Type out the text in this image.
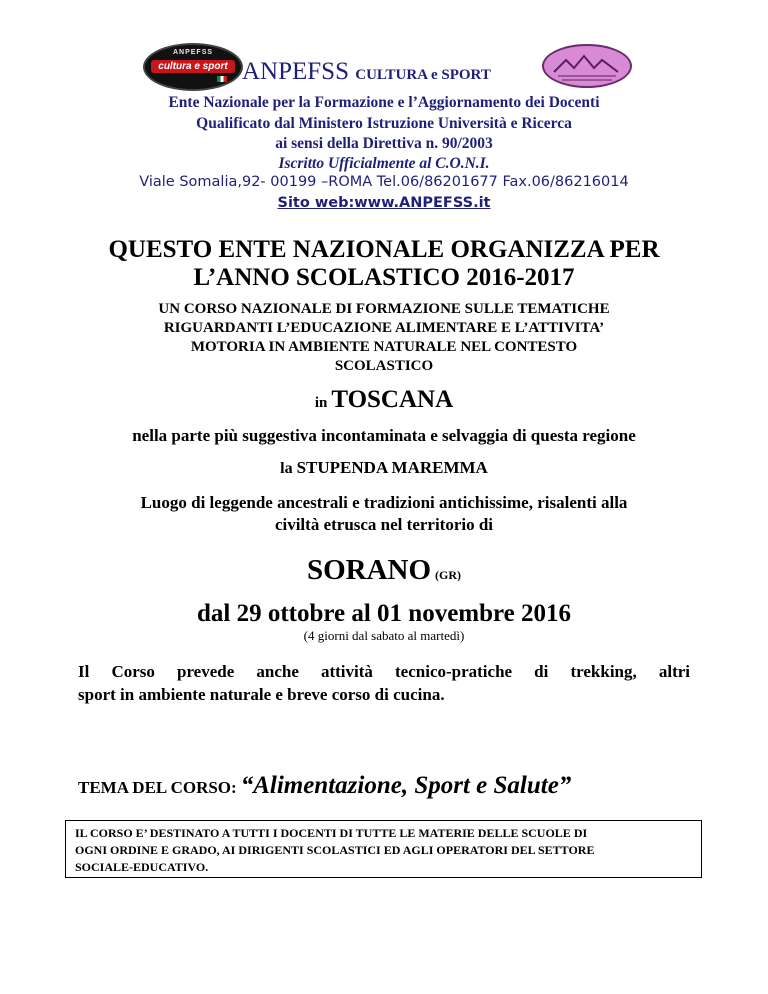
ANPEFSS
cultura e sport ANPEFSS CULTURA e SPORT
Ente Nazionale per la Formazione e l’Aggiornamento dei Docenti
Qualificato dal Ministero Istruzione Università e Ricerca
ai sensi della Direttiva n. 90/2003
Iscritto Ufficialmente al C.O.N.I.
Viale Somalia,92- 00199 –ROMA Tel.06/86201677 Fax.06/86216014
Sito web:www.ANPEFSS.it
QUESTO ENTE NAZIONALE ORGANIZZA PER
L’ANNO SCOLASTICO 2016-2017
UN CORSO NAZIONALE DI FORMAZIONE SULLE TEMATICHE
RIGUARDANTI L’EDUCAZIONE ALIMENTARE E L’ATTIVITA’
MOTORIA IN AMBIENTE NATURALE NEL CONTESTO
SCOLASTICO
in TOSCANA
nella parte più suggestiva incontaminata e selvaggia di questa regione
la STUPENDA MAREMMA
Luogo di leggende ancestrali e tradizioni antichissime, risalenti alla
civiltà etrusca nel territorio di
SORANO (GR)
dal 29 ottobre al 01 novembre 2016
(4 giorni dal sabato al martedì)
Il Corso prevede anche attività tecnico-pratiche di trekking, altri
sport in ambiente naturale e breve corso di cucina.
TEMA DEL CORSO: “Alimentazione, Sport e Salute”
IL CORSO E’ DESTINATO A TUTTI I DOCENTI DI TUTTE LE MATERIE DELLE SCUOLE DI
OGNI ORDINE E GRADO, AI DIRIGENTI SCOLASTICI ED AGLI OPERATORI DEL SETTORE
SOCIALE-EDUCATIVO.
